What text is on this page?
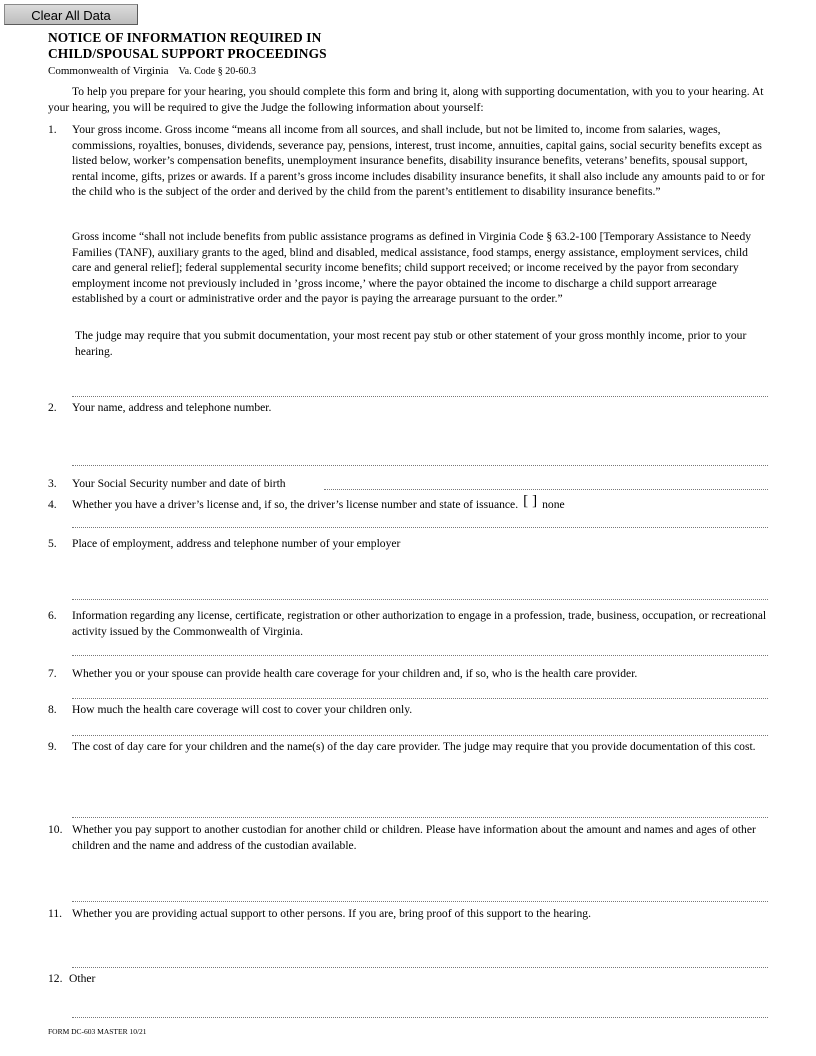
Clear All Data
NOTICE OF INFORMATION REQUIRED IN
CHILD/SPOUSAL SUPPORT PROCEEDINGS
Commonwealth of Virginia Va. Code § 20-60.3
To help you prepare for your hearing, you should complete this form and bring it, along with supporting documentation, with you to your hearing. At your hearing, you will be required to give the Judge the following information about yourself:
1. Your gross income. Gross income “means all income from all sources, and shall include, but not be limited to, income from salaries, wages, commissions, royalties, bonuses, dividends, severance pay, pensions, interest, trust income, annuities, capital gains, social security benefits except as listed below, worker’s compensation benefits, unemployment insurance benefits, disability insurance benefits, veterans’ benefits, spousal support, rental income, gifts, prizes or awards. If a parent’s gross income includes disability insurance benefits, it shall also include any amounts paid to or for the child who is the subject of the order and derived by the child from the parent’s entitlement to disability insurance benefits.”
Gross income “shall not include benefits from public assistance programs as defined in Virginia Code § 63.2-100 [Temporary Assistance to Needy Families (TANF), auxiliary grants to the aged, blind and disabled, medical assistance, food stamps, energy assistance, employment services, child care and general relief]; federal supplemental security income benefits; child support received; or income received by the payor from secondary employment income not previously included in ’gross income,’ where the payor obtained the income to discharge a child support arrearage established by a court or administrative order and the payor is paying the arrearage pursuant to the order.”
The judge may require that you submit documentation, your most recent pay stub or other statement of your gross monthly income, prior to your hearing.
2. Your name, address and telephone number.
3. Your Social Security number and date of birth
4. Whether you have a driver’s license and, if so, the driver’s license number and state of issuance.[ ] none
5. Place of employment, address and telephone number of your employer
6. Information regarding any license, certificate, registration or other authorization to engage in a profession, trade, business, occupation, or recreational activity issued by the Commonwealth of Virginia.
7. Whether you or your spouse can provide health care coverage for your children and, if so, who is the health care provider.
8. How much the health care coverage will cost to cover your children only.
9. The cost of day care for your children and the name(s) of the day care provider. The judge may require that you provide documentation of this cost.
10. Whether you pay support to another custodian for another child or children. Please have information about the amount and names and ages of other children and the name and address of the custodian available.
11. Whether you are providing actual support to other persons. If you are, bring proof of this support to the hearing.
12. Other
FORM DC-603 MASTER 10/21
